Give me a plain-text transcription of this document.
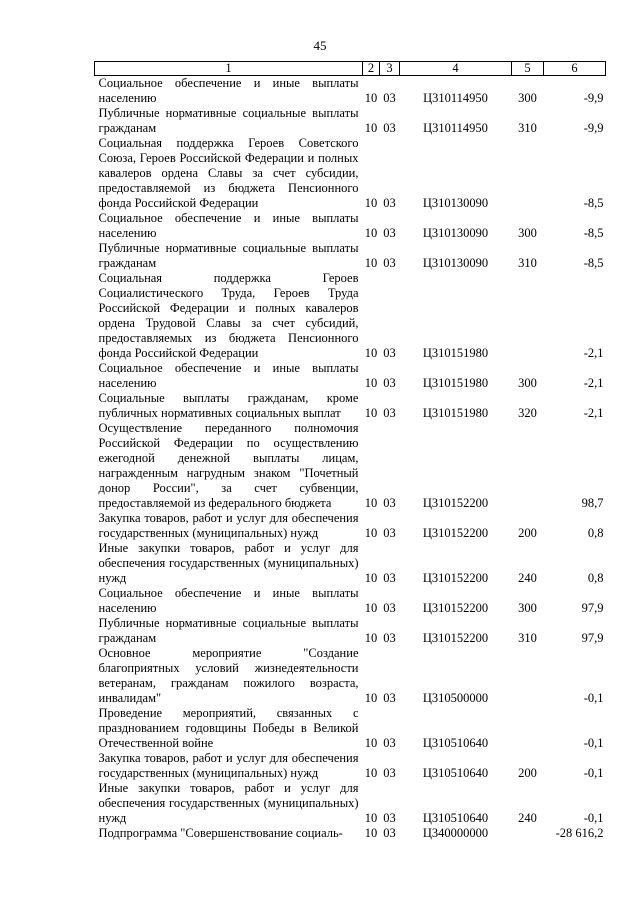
45
1	2	3	4	5	6
Социальное обеспечение и иные выплаты населению	10	03	Ц310114950	300	-9,9
Публичные нормативные социальные выплаты гражданам	10	03	Ц310114950	310	-9,9
Социальная поддержка Героев Советского Союза, Героев Российской Федерации и полных кавалеров ордена Славы за счет субсидии, предоставляемой из бюджета Пенсионного фонда Российской Федерации	10	03	Ц310130090		-8,5
Социальное обеспечение и иные выплаты населению	10	03	Ц310130090	300	-8,5
Публичные нормативные социальные выплаты гражданам	10	03	Ц310130090	310	-8,5
Социальная поддержка Героев Социалистического Труда, Героев Труда Российской Федерации и полных кавалеров ордена Трудовой Славы за счет субсидий, предоставляемых из бюджета Пенсионного фонда Российской Федерации	10	03	Ц310151980		-2,1
Социальное обеспечение и иные выплаты населению	10	03	Ц310151980	300	-2,1
Социальные выплаты гражданам, кроме публичных нормативных социальных выплат	10	03	Ц310151980	320	-2,1
Осуществление переданного полномочия Российской Федерации по осуществлению ежегодной денежной выплаты лицам, награжденным нагрудным знаком "Почетный донор России", за счет субвенции, предоставляемой из федерального бюджета	10	03	Ц310152200		98,7
Закупка товаров, работ и услуг для обеспечения государственных (муниципальных) нужд	10	03	Ц310152200	200	0,8
Иные закупки товаров, работ и услуг для обеспечения государственных (муниципальных) нужд	10	03	Ц310152200	240	0,8
Социальное обеспечение и иные выплаты населению	10	03	Ц310152200	300	97,9
Публичные нормативные социальные выплаты гражданам	10	03	Ц310152200	310	97,9
Основное мероприятие "Создание благоприятных условий жизнедеятельности ветеранам, гражданам пожилого возраста, инвалидам"	10	03	Ц310500000		-0,1
Проведение мероприятий, связанных с празднованием годовщины Победы в Великой Отечественной войне	10	03	Ц310510640		-0,1
Закупка товаров, работ и услуг для обеспечения государственных (муниципальных) нужд	10	03	Ц310510640	200	-0,1
Иные закупки товаров, работ и услуг для обеспечения государственных (муниципальных) нужд	10	03	Ц310510640	240	-0,1
Подпрограмма "Совершенствование социаль-	10	03	Ц340000000		-28 616,2
